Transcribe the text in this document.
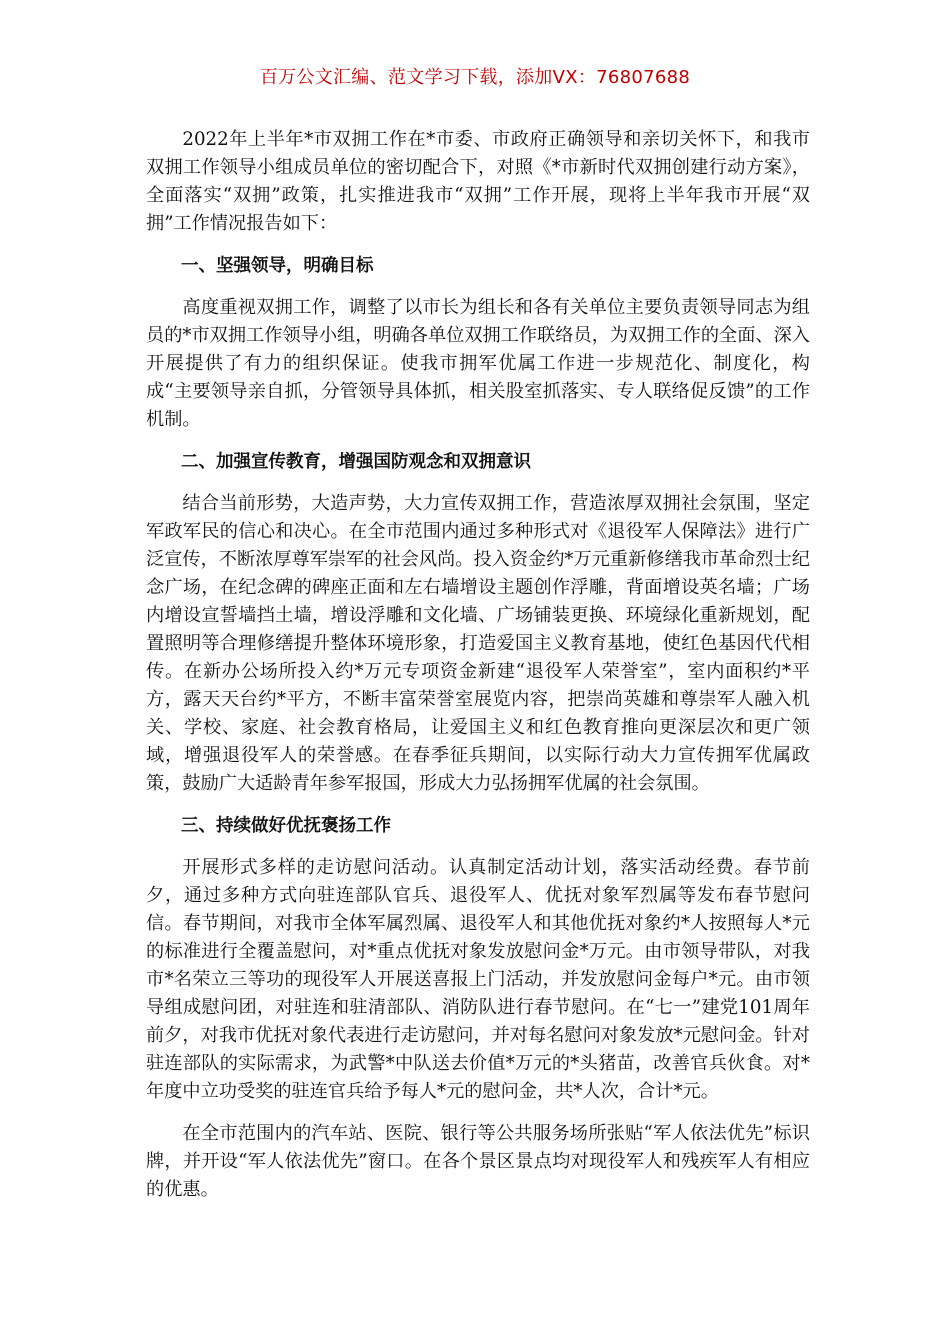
百万公文汇编、范文学习下载，添加VX：76807688

2022年上半年*市双拥工作在*市委、市政府正确领导和亲切关怀下，和我市双拥工作领导小组成员单位的密切配合下，对照《*市新时代双拥创建行动方案》，全面落实“双拥”政策，扎实推进我市“双拥”工作开展，现将上半年我市开展“双拥”工作情况报告如下：

一、坚强领导，明确目标

高度重视双拥工作，调整了以市长为组长和各有关单位主要负责领导同志为组员的*市双拥工作领导小组，明确各单位双拥工作联络员，为双拥工作的全面、深入开展提供了有力的组织保证。使我市拥军优属工作进一步规范化、制度化，构成“主要领导亲自抓，分管领导具体抓，相关股室抓落实、专人联络促反馈”的工作机制。

二、加强宣传教育，增强国防观念和双拥意识

结合当前形势，大造声势，大力宣传双拥工作，营造浓厚双拥社会氛围，坚定军政军民的信心和决心。在全市范围内通过多种形式对《退役军人保障法》进行广泛宣传，不断浓厚尊军崇军的社会风尚。投入资金约*万元重新修缮我市革命烈士纪念广场，在纪念碑的碑座正面和左右墙增设主题创作浮雕，背面增设英名墙；广场内增设宣誓墙挡土墙，增设浮雕和文化墙、广场铺装更换、环境绿化重新规划，配置照明等合理修缮提升整体环境形象，打造爱国主义教育基地，使红色基因代代相传。在新办公场所投入约*万元专项资金新建“退役军人荣誉室”，室内面积约*平方，露天天台约*平方，不断丰富荣誉室展览内容，把崇尚英雄和尊崇军人融入机关、学校、家庭、社会教育格局，让爱国主义和红色教育推向更深层次和更广领域，增强退役军人的荣誉感。在春季征兵期间，以实际行动大力宣传拥军优属政策，鼓励广大适龄青年参军报国，形成大力弘扬拥军优属的社会氛围。

三、持续做好优抚褒扬工作

开展形式多样的走访慰问活动。认真制定活动计划，落实活动经费。春节前夕，通过多种方式向驻连部队官兵、退役军人、优抚对象军烈属等发布春节慰问信。春节期间，对我市全体军属烈属、退役军人和其他优抚对象约*人按照每人*元的标准进行全覆盖慰问，对*重点优抚对象发放慰问金*万元。由市领导带队，对我市*名荣立三等功的现役军人开展送喜报上门活动，并发放慰问金每户*元。由市领导组成慰问团，对驻连和驻清部队、消防队进行春节慰问。在“七一”建党101周年前夕，对我市优抚对象代表进行走访慰问，并对每名慰问对象发放*元慰问金。针对驻连部队的实际需求，为武警*中队送去价值*万元的*头猪苗，改善官兵伙食。对*年度中立功受奖的驻连官兵给予每人*元的慰问金，共*人次，合计*元。

在全市范围内的汽车站、医院、银行等公共服务场所张贴“军人依法优先”标识牌，并开设“军人依法优先”窗口。在各个景区景点均对现役军人和残疾军人有相应的优惠。
